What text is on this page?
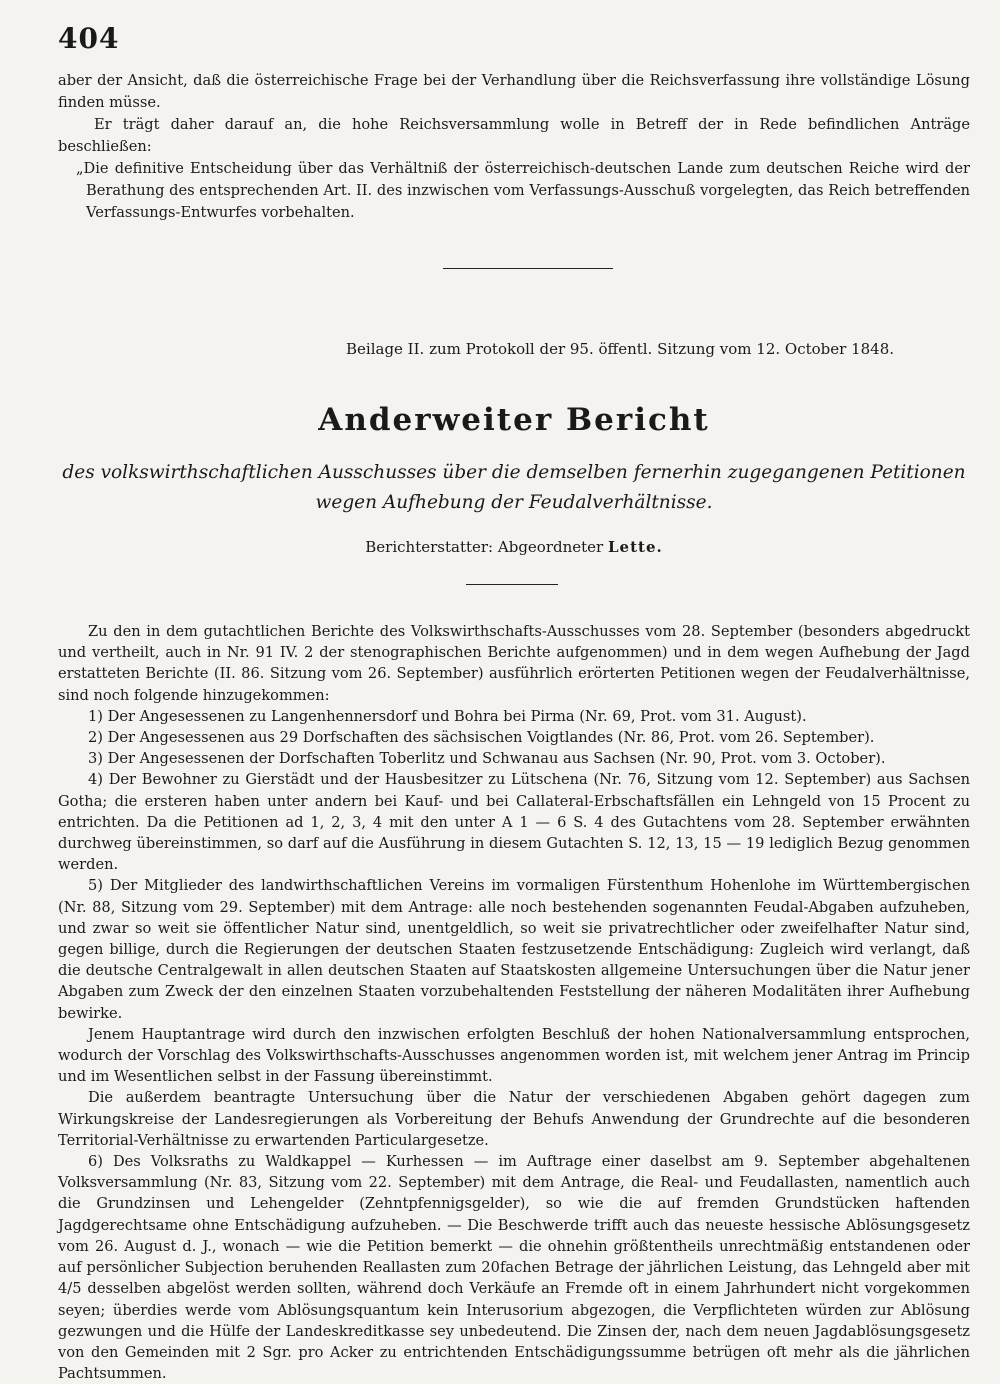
404

aber der Ansicht, daß die österreichische Frage bei der Verhandlung über die Reichsverfassung ihre vollständige Lösung finden müsse.

Er trägt daher darauf an, die hohe Reichsversammlung wolle in Betreff der in Rede befindlichen Anträge beschließen:

„Die definitive Entscheidung über das Verhältniß der österreichisch-deutschen Lande zum deutschen Reiche wird der Berathung des entsprechenden Art. II. des inzwischen vom Verfassungs-Ausschuß vorgelegten, das Reich betreffenden Verfassungs-Entwurfes vorbehalten.

Beilage II. zum Protokoll der 95. öffentl. Sitzung vom 12. October 1848.
Anderweiter Bericht
des volkswirthschaftlichen Ausschusses über die demselben fernerhin zugegangenen Petitionen
wegen Aufhebung der Feudalverhältnisse.
Berichterstatter: Abgeordneter Lette.

Zu den in dem gutachtlichen Berichte des Volkswirthschafts-Ausschusses vom 28. September (besonders abgedruckt und vertheilt, auch in Nr. 91 IV. 2 der stenographischen Berichte aufgenommen) und in dem wegen Aufhebung der Jagd erstatteten Berichte (II. 86. Sitzung vom 26. September) ausführlich erörterten Petitionen wegen der Feudalverhältnisse, sind noch folgende hinzugekommen:

1) Der Angesessenen zu Langenhennersdorf und Bohra bei Pirma (Nr. 69, Prot. vom 31. August).

2) Der Angesessenen aus 29 Dorfschaften des sächsischen Voigtlandes (Nr. 86, Prot. vom 26. September).

3) Der Angesessenen der Dorfschaften Toberlitz und Schwanau aus Sachsen (Nr. 90, Prot. vom 3. October).

4) Der Bewohner zu Gierstädt und der Hausbesitzer zu Lütschena (Nr. 76, Sitzung vom 12. September) aus Sachsen Gotha; die ersteren haben unter andern bei Kauf- und bei Callateral-Erbschaftsfällen ein Lehngeld von 15 Procent zu entrichten. Da die Petitionen ad 1, 2, 3, 4 mit den unter A 1 — 6 S. 4 des Gutachtens vom 28. September erwähnten durchweg übereinstimmen, so darf auf die Ausführung in diesem Gutachten S. 12, 13, 15 — 19 lediglich Bezug genommen werden.

5) Der Mitglieder des landwirthschaftlichen Vereins im vormaligen Fürstenthum Hohenlohe im Württembergischen (Nr. 88, Sitzung vom 29. September) mit dem Antrage: alle noch bestehenden sogenannten Feudal-Abgaben aufzuheben, und zwar so weit sie öffentlicher Natur sind, unentgeldlich, so weit sie privatrechtlicher oder zweifelhafter Natur sind, gegen billige, durch die Regierungen der deutschen Staaten festzusetzende Entschädigung: Zugleich wird verlangt, daß die deutsche Centralgewalt in allen deutschen Staaten auf Staatskosten allgemeine Untersuchungen über die Natur jener Abgaben zum Zweck der den einzelnen Staaten vorzubehaltenden Feststellung der näheren Modalitäten ihrer Aufhebung bewirke.

Jenem Hauptantrage wird durch den inzwischen erfolgten Beschluß der hohen Nationalversammlung entsprochen, wodurch der Vorschlag des Volkswirthschafts-Ausschusses angenommen worden ist, mit welchem jener Antrag im Princip und im Wesentlichen selbst in der Fassung übereinstimmt.

Die außerdem beantragte Untersuchung über die Natur der verschiedenen Abgaben gehört dagegen zum Wirkungskreise der Landesregierungen als Vorbereitung der Behufs Anwendung der Grundrechte auf die besonderen Territorial-Verhältnisse zu erwartenden Particulargesetze.

6) Des Volksraths zu Waldkappel — Kurhessen — im Auftrage einer daselbst am 9. September abgehaltenen Volksversammlung (Nr. 83, Sitzung vom 22. September) mit dem Antrage, die Real- und Feudallasten, namentlich auch die Grundzinsen und Lehengelder (Zehntpfennigsgelder), so wie die auf fremden Grundstücken haftenden Jagdgerechtsame ohne Entschädigung aufzuheben. — Die Beschwerde trifft auch das neueste hessische Ablösungsgesetz vom 26. August d. J., wonach — wie die Petition bemerkt — die ohnehin größtentheils unrechtmäßig entstandenen oder auf persönlicher Subjection beruhenden Reallasten zum 20fachen Betrage der jährlichen Leistung, das Lehngeld aber mit 4/5 desselben abgelöst werden sollten, während doch Verkäufe an Fremde oft in einem Jahrhundert nicht vorgekommen seyen; überdies werde vom Ablösungsquantum kein Interusorium abgezogen, die Verpflichteten würden zur Ablösung gezwungen und die Hülfe der Landeskreditkasse sey unbedeutend. Die Zinsen der, nach dem neuen Jagdablösungsgesetz von den Gemeinden mit 2 Sgr. pro Acker zu entrichtenden Entschädigungssumme betrügen oft mehr als die jährlichen Pachtsummen.
